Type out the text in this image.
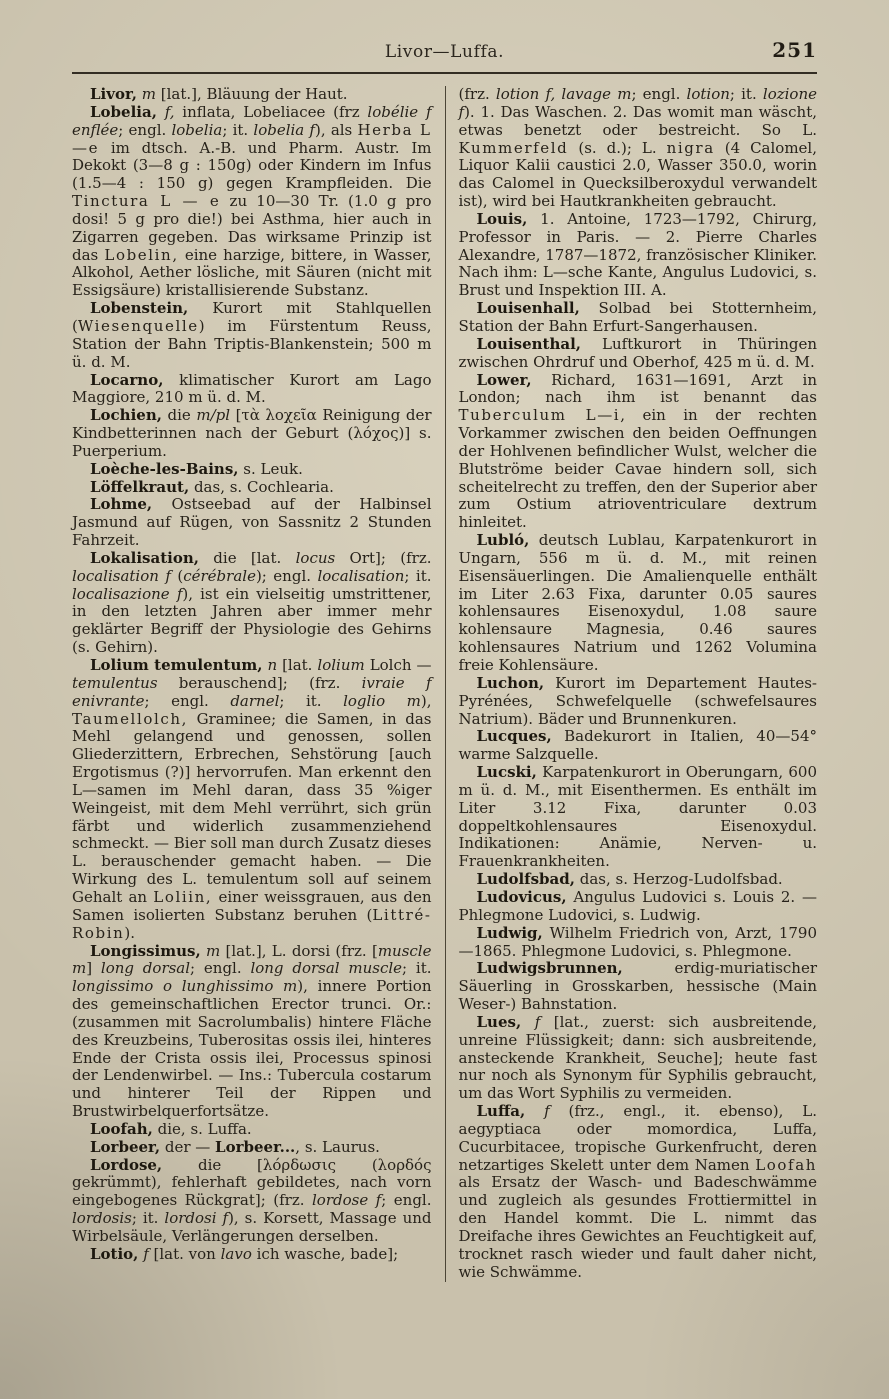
Livor—Luffa.	251

Livor, m [lat.], Bläuung der Haut.

Lobelia, f, inflata, Lobeliacee (frz lobélie f enflée; engl. lobelia; it. lobelia f), als Herba L—e im dtsch. A.-B. und Pharm. Austr. Im Dekokt (3—8 g : 150g) oder Kindern im Infus (1.5—4 : 150 g) gegen Krampfleiden. Die Tinctura L — e zu 10—30 Tr. (1.0 g pro dosi! 5 g pro die!) bei Asthma, hier auch in Zigarren gegeben. Das wirksame Prinzip ist das Lobelin, eine harzige, bittere, in Wasser, Alkohol, Aether lösliche, mit Säuren (nicht mit Essigsäure) kristallisierende Substanz.

Lobenstein, Kurort mit Stahlquellen (Wiesenquelle) im Fürstentum Reuss, Station der Bahn Triptis-Blankenstein; 500 m ü. d. M.

Locarno, klimatischer Kurort am Lago Maggiore, 210 m ü. d. M.

Lochien, die m/pl [τὰ λοχεῖα Reinigung der Kindbetterinnen nach der Geburt (λόχος)] s. Puerperium.

Loèche-les-Bains, s. Leuk.

Löffelkraut, das, s. Cochlearia.

Lohme, Ostseebad auf der Halbinsel Jasmund auf Rügen, von Sassnitz 2 Stunden Fahrzeit.

Lokalisation, die [lat. locus Ort]; (frz. localisation f (cérébrale); engl. localisation; it. localisazione f), ist ein vielseitig umstrittener, in den letzten Jahren aber immer mehr geklärter Begriff der Physiologie des Gehirns (s. Gehirn).

Lolium temulentum, n [lat. lolium Lolch — temulentus berauschend]; (frz. ivraie f enivrante; engl. darnel; it. loglio m), Taumellolch, Graminee; die Samen, in das Mehl gelangend und genossen, sollen Gliederzittern, Erbrechen, Sehstörung [auch Ergotismus (?)] hervorrufen. Man erkennt den L—samen im Mehl daran, dass 35 %iger Weingeist, mit dem Mehl verrührt, sich grün färbt und widerlich zusammenziehend schmeckt. — Bier soll man durch Zusatz dieses L. berauschender gemacht haben. — Die Wirkung des L. temulentum soll auf seinem Gehalt an Loliin, einer weissgrauen, aus den Samen isolierten Substanz beruhen (Littré-Robin).

Longissimus, m [lat.], L. dorsi (frz. [muscle m] long dorsal; engl. long dorsal muscle; it. longissimo o lunghissimo m), innere Portion des gemeinschaftlichen Erector trunci. Or.: (zusammen mit Sacrolumbalis) hintere Fläche des Kreuzbeins, Tuberositas ossis ilei, hinteres Ende der Crista ossis ilei, Processus spinosi der Lendenwirbel. — Ins.: Tubercula costarum und hinterer Teil der Rippen und Brustwirbelquerfortsätze.

Loofah, die, s. Luffa.

Lorbeer, der — Lorbeer..., s. Laurus.

Lordose, die [λόρδωσις (λορδός gekrümmt), fehlerhaft gebildetes, nach vorn eingebogenes Rückgrat]; (frz. lordose f; engl. lordosis; it. lordosi f), s. Korsett, Massage und Wirbelsäule, Verlängerungen derselben.

Lotio, f [lat. von lavo ich wasche, bade];

(frz. lotion f, lavage m; engl. lotion; it. lozione f). 1. Das Waschen. 2. Das womit man wäscht, etwas benetzt oder bestreicht. So L. Kummerfeld (s. d.); L. nigra (4 Calomel, Liquor Kalii caustici 2.0, Wasser 350.0, worin das Calomel in Quecksilberoxydul verwandelt ist), wird bei Hautkrankheiten gebraucht.

Louis, 1. Antoine, 1723—1792, Chirurg, Professor in Paris. — 2. Pierre Charles Alexandre, 1787—1872, französischer Kliniker. Nach ihm: L—sche Kante, Angulus Ludovici, s. Brust und Inspektion III. A.

Louisenhall, Solbad bei Stotternheim, Station der Bahn Erfurt-Sangerhausen.

Louisenthal, Luftkurort in Thüringen zwischen Ohrdruf und Oberhof, 425 m ü. d. M.

Lower, Richard, 1631—1691, Arzt in London; nach ihm ist benannt das Tuberculum L—i, ein in der rechten Vorkammer zwischen den beiden Oeffnungen der Hohlvenen befindlicher Wulst, welcher die Blutströme beider Cavae hindern soll, sich scheitelrecht zu treffen, den der Superior aber zum Ostium atrioventriculare dextrum hinleitet.

Lubló, deutsch Lublau, Karpatenkurort in Ungarn, 556 m ü. d. M., mit reinen Eisensäuerlingen. Die Amalienquelle enthält im Liter 2.63 Fixa, darunter 0.05 saures kohlensaures Eisenoxydul, 1.08 saure kohlensaure Magnesia, 0.46 saures kohlensaures Natrium und 1262 Volumina freie Kohlensäure.

Luchon, Kurort im Departement Hautes-Pyrénées, Schwefelquelle (schwefelsaures Natrium). Bäder und Brunnenkuren.

Lucques, Badekurort in Italien, 40—54° warme Salzquelle.

Lucski, Karpatenkurort in Oberungarn, 600 m ü. d. M., mit Eisenthermen. Es enthält im Liter 3.12 Fixa, darunter 0.03 doppeltkohlensaures Eisenoxydul. Indikationen: Anämie, Nerven- u. Frauenkrankheiten.

Ludolfsbad, das, s. Herzog-Ludolfsbad.

Ludovicus, Angulus Ludovici s. Louis 2. — Phlegmone Ludovici, s. Ludwig.

Ludwig, Wilhelm Friedrich von, Arzt, 1790—1865. Phlegmone Ludovici, s. Phlegmone.

Ludwigsbrunnen, erdig-muriatischer Säuerling in Grosskarben, hessische (Main Weser-) Bahnstation.

Lues, f [lat., zuerst: sich ausbreitende, unreine Flüssigkeit; dann: sich ausbreitende, ansteckende Krankheit, Seuche]; heute fast nur noch als Synonym für Syphilis gebraucht, um das Wort Syphilis zu vermeiden.

Luffa, f (frz., engl., it. ebenso), L. aegyptiaca oder momordica, Luffa, Cucurbitacee, tropische Gurkenfrucht, deren netzartiges Skelett unter dem Namen Loofah als Ersatz der Wasch- und Badeschwämme und zugleich als gesundes Frottiermittel in den Handel kommt. Die L. nimmt das Dreifache ihres Gewichtes an Feuchtigkeit auf, trocknet rasch wieder und fault daher nicht, wie Schwämme.
